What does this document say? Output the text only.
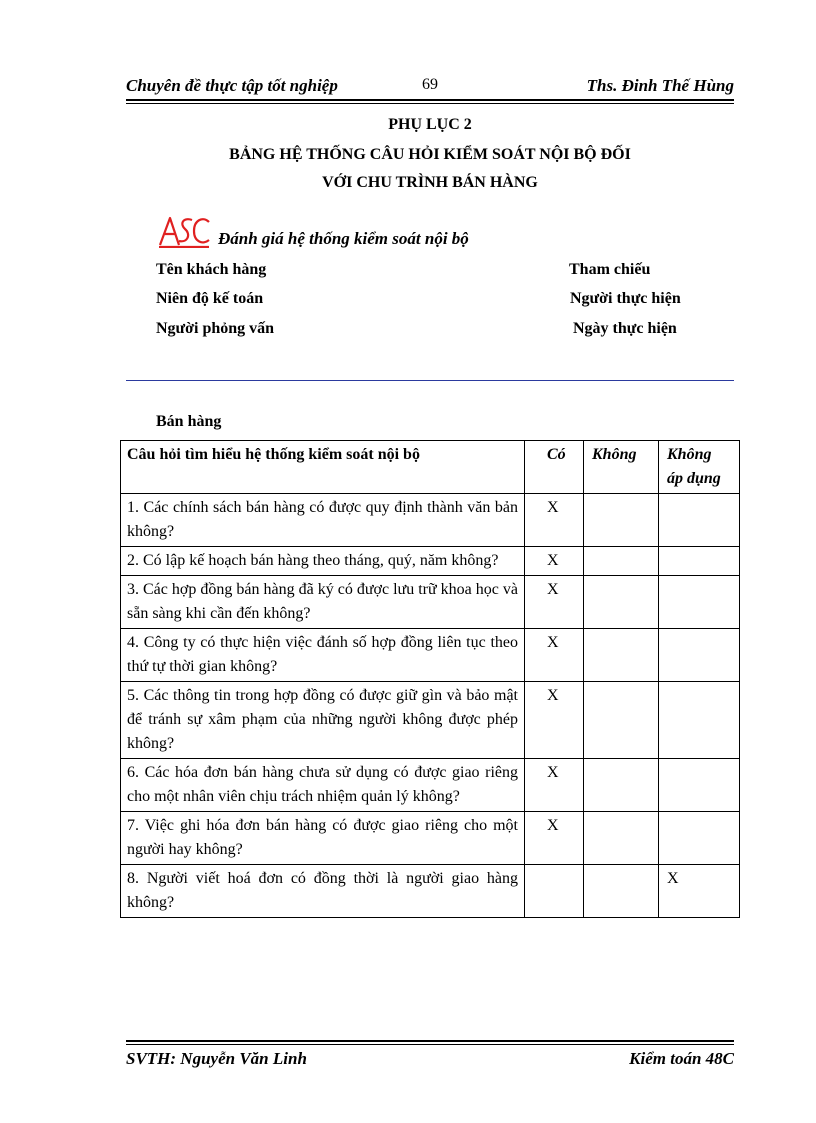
Chuyên đề thực tập tốt nghiệp	69	Ths. Đinh Thế Hùng
PHỤ LỤC 2
BẢNG HỆ THỐNG CÂU HỎI KIỂM SOÁT NỘI BỘ ĐỐI
VỚI CHU TRÌNH BÁN HÀNG
Đánh giá hệ thống kiểm soát nội bộ
Tên khách hàng
Niên độ kế toán
Người phỏng vấn
Tham chiếu
Người thực hiện
Ngày thực hiện
Bán hàng
Câu hỏi tìm hiểu hệ thống kiểm soát nội bộ	Có	Không	Không
áp dụng
1. Các chính sách bán hàng có được quy định thành văn bản không?	X		
2. Có lập kế hoạch bán hàng theo tháng, quý, năm không?	X		
3. Các hợp đồng bán hàng đã ký có được lưu trữ khoa học và sẵn sàng khi cần đến không?	X		
4. Công ty có thực hiện việc đánh số hợp đồng liên tục theo thứ tự thời gian không?	X		
5. Các thông tin trong hợp đồng có được giữ gìn và bảo mật để tránh sự xâm phạm của những người không được phép không?	X		
6. Các hóa đơn bán hàng chưa sử dụng có được giao riêng cho một nhân viên chịu trách nhiệm quản lý không?	X		
7. Việc ghi hóa đơn bán hàng có được giao riêng cho một người hay không?	X		
8. Người viết hoá đơn có đồng thời là người giao hàng không?			X
SVTH: Nguyễn Văn Linh	Kiểm toán 48C
